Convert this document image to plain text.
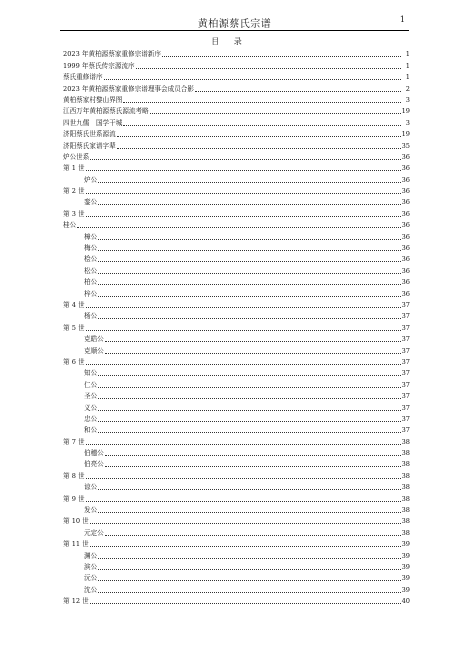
黄柏源蔡氏宗谱	1
目 录
2023 年黄柏源蔡家重修宗谱新序	1
1999 年蔡氏传宗源流序	1
蔡氏重修谱序	1
2023 年黄柏源蔡家重修宗谱理事会成员合影	2
黄柏蔡家村黎山界图	3
江西万年黄柏源蔡氏源流考略	19
四世九儒　国学干城	3
济阳蔡氏世系源流	19
济阳蔡氏家谱字辈	35
炉公世系	36
第 1 世	36
炉公	36
第 2 世	36
銮公	36
第 3 世	36
桂公	36
樟公	36
梅公	36
桧公	36
松公	36
柏公	36
梓公	36
第 4 世	37
杨公	37
第 5 世	37
克皓公	37
克顺公	37
第 6 世	37
知公	37
仁公	37
圣公	37
义公	37
忠公	37
和公	37
第 7 世	38
伯穗公	38
伯亮公	38
第 8 世	38
谅公	38
第 9 世	38
发公	38
第 10 世	38
元定公	38
第 11 世	39
渊公	39
滨公	39
沅公	39
沈公	39
第 12 世	40
